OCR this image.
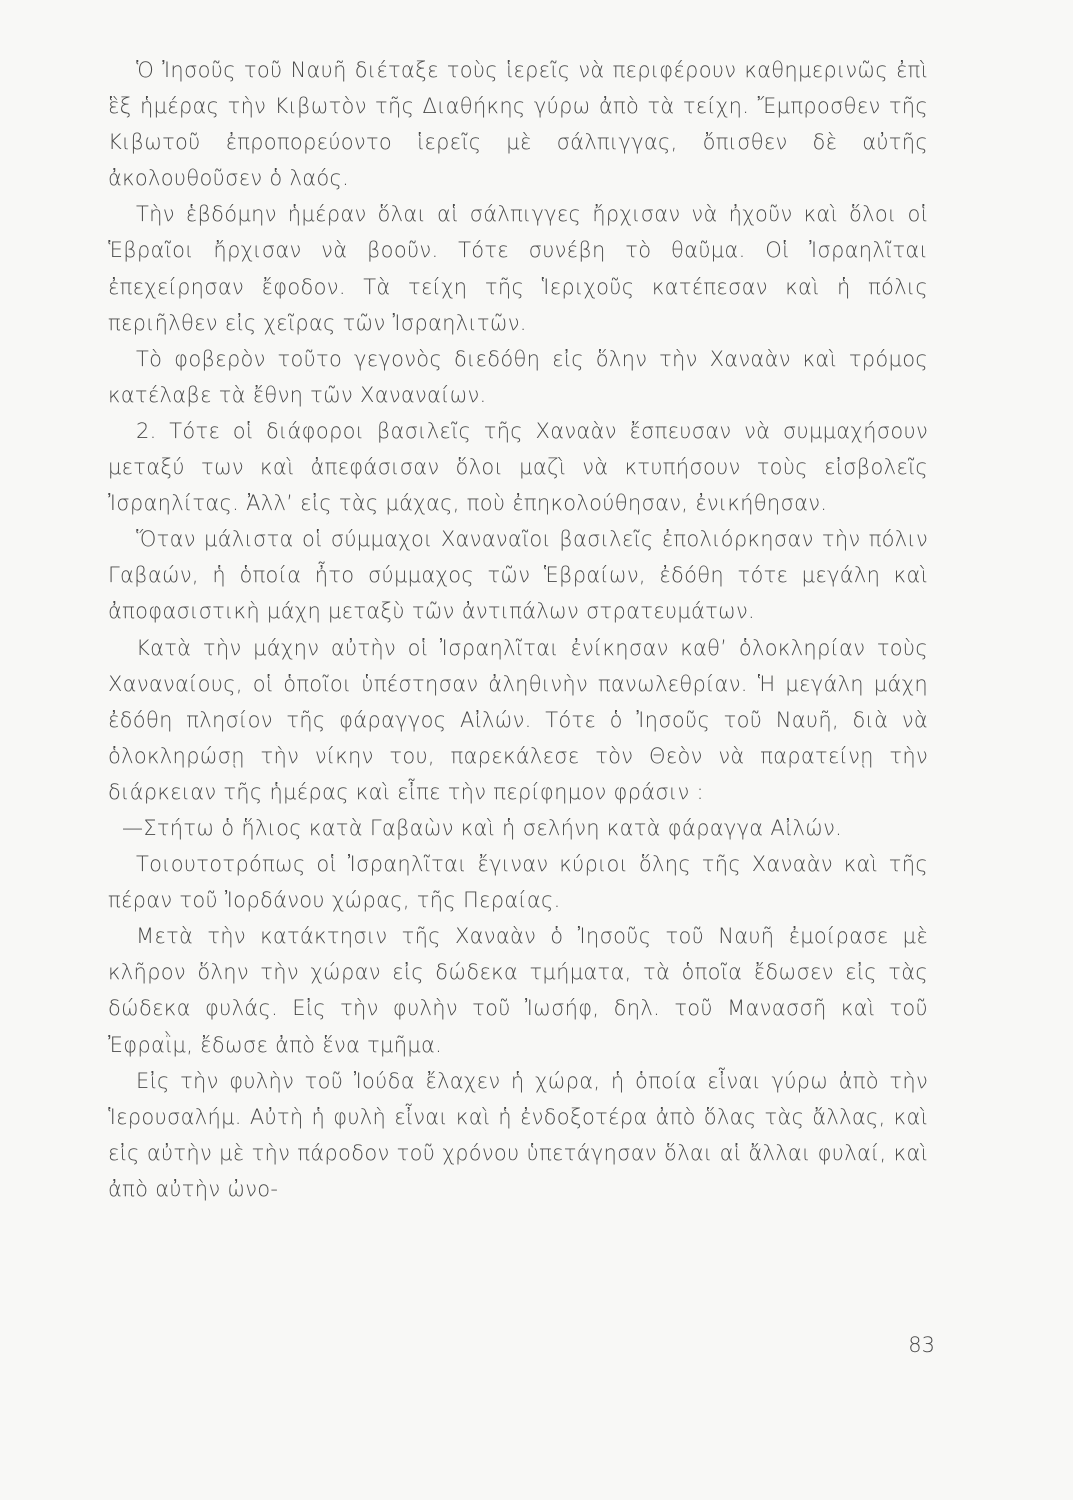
Ὁ Ἰησοῦς τοῦ Ναυῆ διέταξε τοὺς ἱερεῖς νὰ περιφέρουν καθημερινῶς ἐπὶ ἓξ ἡμέρας τὴν Κιβωτὸν τῆς Διαθήκης γύρω ἀπὸ τὰ τείχη. Ἔμπροσθεν τῆς Κιβωτοῦ ἐπροπορεύοντο ἱερεῖς μὲ σάλπιγγας, ὄπισθεν δὲ αὐτῆς ἀκολουθοῦσεν ὁ λαός.

Τὴν ἑβδόμην ἡμέραν ὅλαι αἱ σάλπιγγες ἤρχισαν νὰ ἠχοῦν καὶ ὅλοι οἱ Ἑβραῖοι ἤρχισαν νὰ βοοῦν. Τότε συνέβη τὸ θαῦμα. Οἱ Ἰσραηλῖται ἐπεχείρησαν ἔφοδον. Τὰ τείχη τῆς Ἱεριχοῦς κατέπεσαν καὶ ἡ πόλις περιῆλθεν εἰς χεῖρας τῶν Ἰσραηλιτῶν.

Τὸ φοβερὸν τοῦτο γεγονὸς διεδόθη εἰς ὅλην τὴν Χαναὰν καὶ τρόμος κατέλαβε τὰ ἔθνη τῶν Χαναναίων.

2. Τότε οἱ διάφοροι βασιλεῖς τῆς Χαναὰν ἔσπευσαν νὰ συμμαχήσουν μεταξύ των καὶ ἀπεφάσισαν ὅλοι μαζὶ νὰ κτυπήσουν τοὺς εἰσβολεῖς Ἰσραηλίτας. Ἀλλ’ εἰς τὰς μάχας, ποὺ ἐπηκολούθησαν, ἐνικήθησαν.

Ὅταν μάλιστα οἱ σύμμαχοι Χαναναῖοι βασιλεῖς ἐπολιόρκησαν τὴν πόλιν Γαβαών, ἡ ὁποία ἦτο σύμμαχος τῶν Ἑβραίων, ἐδόθη τότε μεγάλη καὶ ἀποφασιστικὴ μάχη μεταξὺ τῶν ἀντιπάλων στρατευμάτων.

Κατὰ τὴν μάχην αὐτὴν οἱ Ἰσραηλῖται ἐνίκησαν καθ’ ὁλοκληρίαν τοὺς Χαναναίους, οἱ ὁποῖοι ὑπέστησαν ἀληθινὴν πανωλεθρίαν. Ἡ μεγάλη μάχη ἐδόθη πλησίον τῆς φάραγγος Αἰλών. Τότε ὁ Ἰησοῦς τοῦ Ναυῆ, διὰ νὰ ὁλοκληρώσῃ τὴν νίκην του, παρεκάλεσε τὸν Θεὸν νὰ παρατείνῃ τὴν διάρκειαν τῆς ἡμέρας καὶ εἶπε τὴν περίφημον φράσιν :

—Στήτω ὁ ἥλιος κατὰ Γαβαὼν καὶ ἡ σελήνη κατὰ φάραγγα Αἰλών.

Τοιουτοτρόπως οἱ Ἰσραηλῖται ἔγιναν κύριοι ὅλης τῆς Χαναὰν καὶ τῆς πέραν τοῦ Ἰορδάνου χώρας, τῆς Περαίας.

Μετὰ τὴν κατάκτησιν τῆς Χαναὰν ὁ Ἰησοῦς τοῦ Ναυῆ ἐμοίρασε μὲ κλῆρον ὅλην τὴν χώραν εἰς δώδεκα τμήματα, τὰ ὁποῖα ἔδωσεν εἰς τὰς δώδεκα φυλάς. Εἰς τὴν φυλὴν τοῦ Ἰωσήφ, δηλ. τοῦ Μανασσῆ καὶ τοῦ Ἐφραῒμ, ἔδωσε ἀπὸ ἕνα τμῆμα.

Εἰς τὴν φυλὴν τοῦ Ἰούδα ἔλαχεν ἡ χώρα, ἡ ὁποία εἶναι γύρω ἀπὸ τὴν Ἱερουσαλήμ. Αὐτὴ ἡ φυλὴ εἶναι καὶ ἡ ἐνδοξοτέρα ἀπὸ ὅλας τὰς ἄλλας, καὶ εἰς αὐτὴν μὲ τὴν πάροδον τοῦ χρόνου ὑπετάγησαν ὅλαι αἱ ἄλλαι φυλαί, καὶ ἀπὸ αὐτὴν ὠνο-

83
